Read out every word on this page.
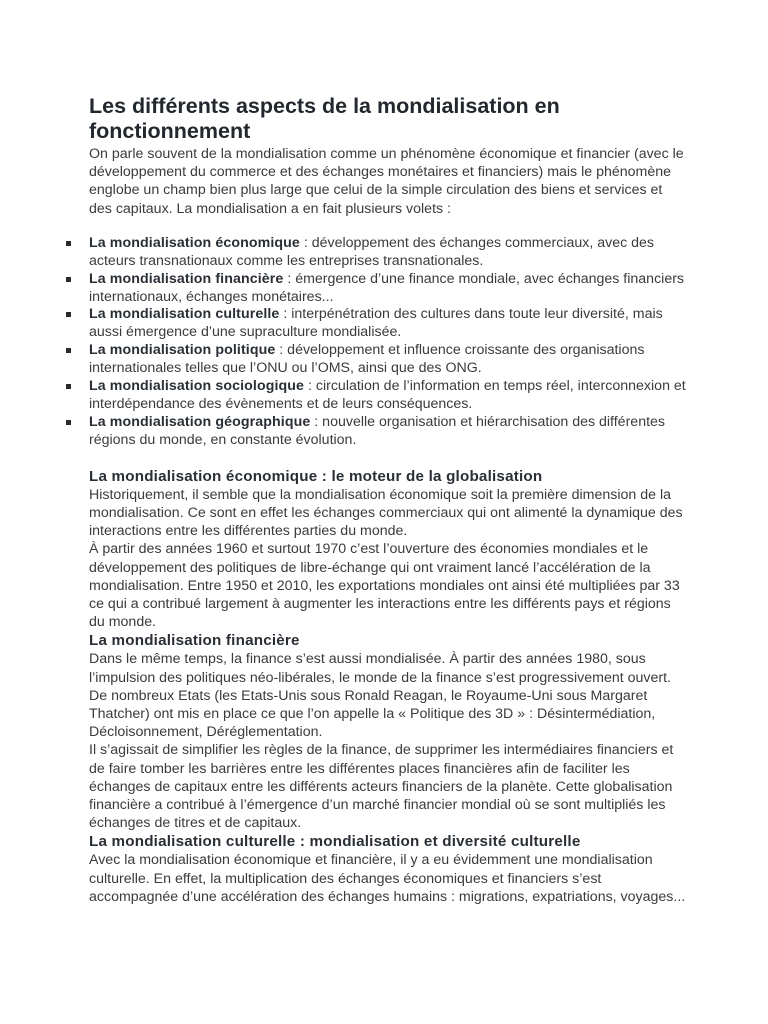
Les différents aspects de la mondialisation en fonctionnement

On parle souvent de la mondialisation comme un phénomène économique et financier (avec le développement du commerce et des échanges monétaires et financiers) mais le phénomène englobe un champ bien plus large que celui de la simple circulation des biens et services et des capitaux. La mondialisation a en fait plusieurs volets :

La mondialisation économique : développement des échanges commerciaux, avec des acteurs transnationaux comme les entreprises transnationales.
La mondialisation financière : émergence d’une finance mondiale, avec échanges financiers internationaux, échanges monétaires...
La mondialisation culturelle : interpénétration des cultures dans toute leur diversité, mais aussi émergence d’une supraculture mondialisée.
La mondialisation politique : développement et influence croissante des organisations internationales telles que l’ONU ou l’OMS, ainsi que des ONG.
La mondialisation sociologique : circulation de l’information en temps réel, interconnexion et interdépendance des évènements et de leurs conséquences.
La mondialisation géographique : nouvelle organisation et hiérarchisation des différentes régions du monde, en constante évolution.
La mondialisation économique : le moteur de la globalisation

Historiquement, il semble que la mondialisation économique soit la première dimension de la mondialisation. Ce sont en effet les échanges commerciaux qui ont alimenté la dynamique des interactions entre les différentes parties du monde.

À partir des années 1960 et surtout 1970 c’est l’ouverture des économies mondiales et le développement des politiques de libre-échange qui ont vraiment lancé l’accélération de la mondialisation. Entre 1950 et 2010, les exportations mondiales ont ainsi été multipliées par 33 ce qui a contribué largement à augmenter les interactions entre les différents pays et régions du monde.

La mondialisation financière

Dans le même temps, la finance s’est aussi mondialisée. À partir des années 1980, sous l’impulsion des politiques néo-libérales, le monde de la finance s’est progressivement ouvert. De nombreux Etats (les Etats-Unis sous Ronald Reagan, le Royaume-Uni sous Margaret Thatcher) ont mis en place ce que l’on appelle la « Politique des 3D » : Désintermédiation, Décloisonnement, Déréglementation.

Il s’agissait de simplifier les règles de la finance, de supprimer les intermédiaires financiers et de faire tomber les barrières entre les différentes places financières afin de faciliter les échanges de capitaux entre les différents acteurs financiers de la planète. Cette globalisation financière a contribué à l’émergence d’un marché financier mondial où se sont multipliés les échanges de titres et de capitaux.

La mondialisation culturelle : mondialisation et diversité culturelle

Avec la mondialisation économique et financière, il y a eu évidemment une mondialisation culturelle. En effet, la multiplication des échanges économiques et financiers s’est accompagnée d’une accélération des échanges humains : migrations, expatriations, voyages...
